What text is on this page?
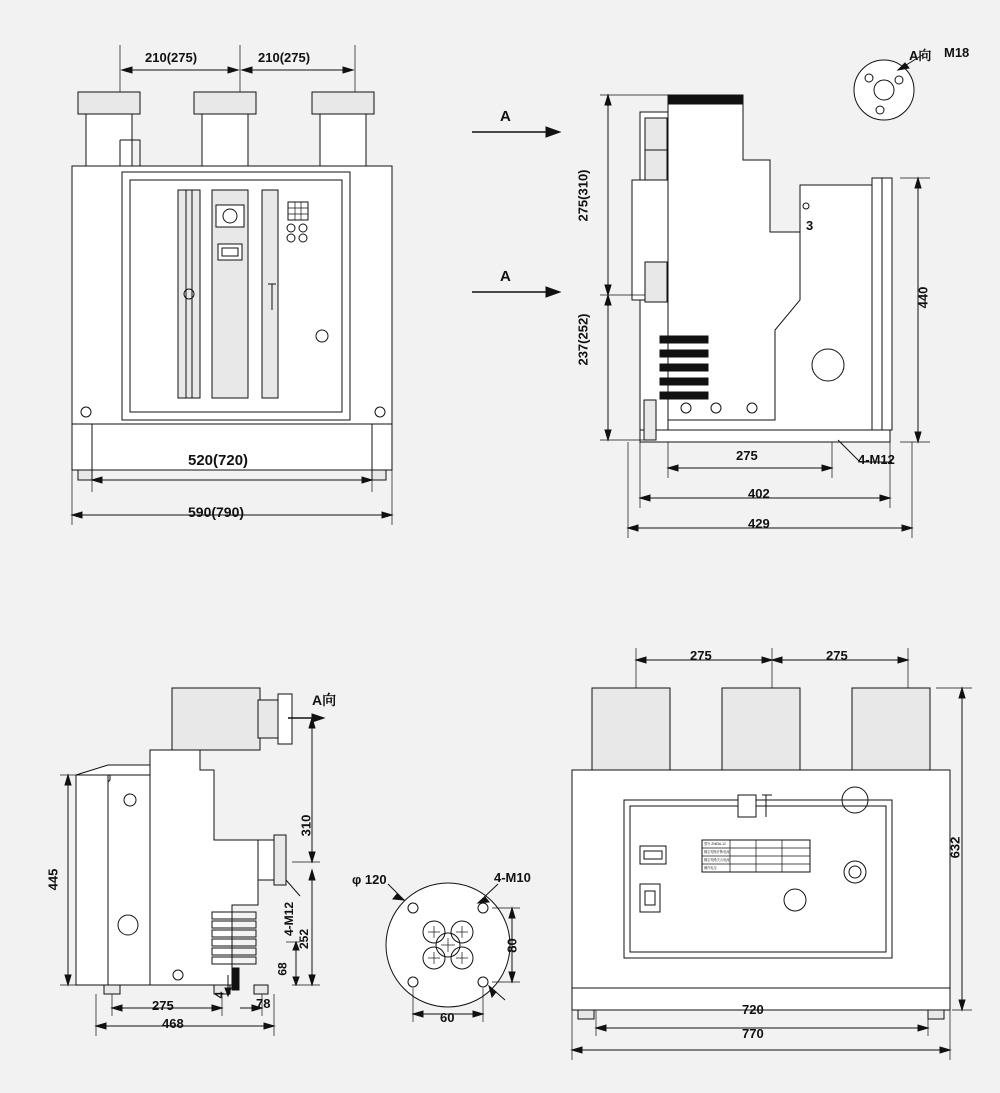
210(275)	210(275)
520(720)
590(790)
A
A
A向 M18
3
275(310)
237(252)
440
275
402
429
4-M12
A向
445
310
252
68
4-M12
275	78
4
468
φ 120	4-M10
80
60
275	275
632
720
770
型号 ZN63A-12
额定短路开断电流
额定短路关合电流
操作电压
